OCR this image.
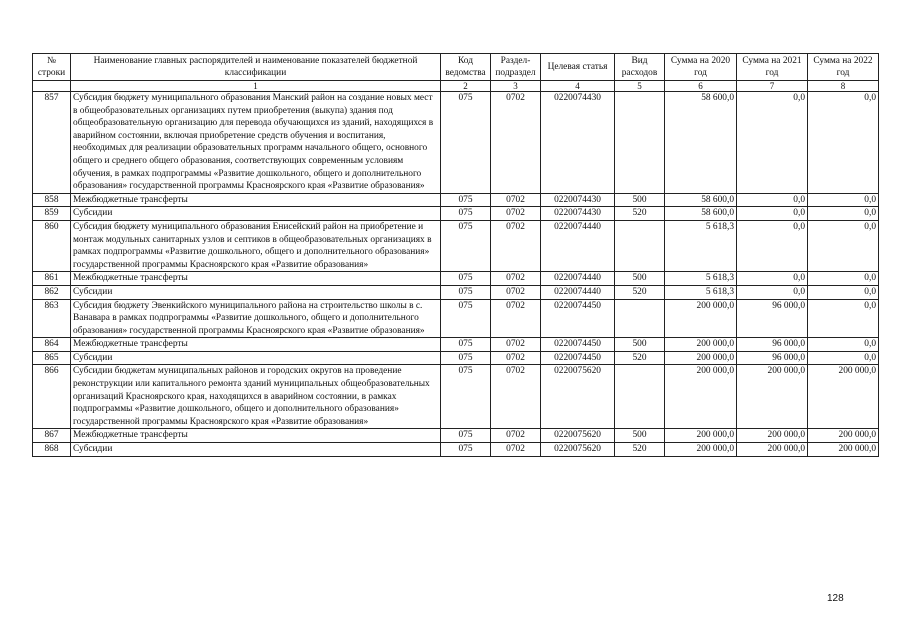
№ строки	Наименование главных распорядителей и наименование показателей бюджетной классификации	Код ведомства	Раздел-подраздел	Целевая статья	Вид расходов	Сумма на 2020 год	Сумма на 2021 год	Сумма на 2022 год
	1	2	3	4	5	6	7	8
857	Субсидия бюджету муниципального образования Манский район на создание новых мест в общеобразовательных организациях путем приобретения (выкупа) здания под общеобразовательную организацию для перевода обучающихся из зданий, находящихся в аварийном состоянии, включая приобретение средств обучения и воспитания, необходимых для реализации образовательных программ начального общего, основного общего и среднего общего образования, соответствующих современным условиям обучения, в рамках подпрограммы «Развитие дошкольного, общего и дополнительного образования» государственной программы Красноярского края «Развитие образования»	075	0702	0220074430		58 600,0	0,0	0,0
858	Межбюджетные трансферты	075	0702	0220074430	500	58 600,0	0,0	0,0
859	Субсидии	075	0702	0220074430	520	58 600,0	0,0	0,0
860	Субсидия бюджету муниципального образования Енисейский район на приобретение и монтаж модульных санитарных узлов и септиков в общеобразовательных организациях в рамках подпрограммы «Развитие дошкольного, общего и дополнительного образования» государственной программы Красноярского края «Развитие образования»	075	0702	0220074440		5 618,3	0,0	0,0
861	Межбюджетные трансферты	075	0702	0220074440	500	5 618,3	0,0	0,0
862	Субсидии	075	0702	0220074440	520	5 618,3	0,0	0,0
863	Субсидия бюджету Эвенкийского муниципального района на строительство школы в с. Ванавара в рамках подпрограммы «Развитие дошкольного, общего и дополнительного образования» государственной программы Красноярского края «Развитие образования»	075	0702	0220074450		200 000,0	96 000,0	0,0
864	Межбюджетные трансферты	075	0702	0220074450	500	200 000,0	96 000,0	0,0
865	Субсидии	075	0702	0220074450	520	200 000,0	96 000,0	0,0
866	Субсидии бюджетам муниципальных районов и городских округов на проведение реконструкции или капитального ремонта зданий муниципальных общеобразовательных организаций Красноярского края, находящихся в аварийном состоянии, в рамках подпрограммы «Развитие дошкольного, общего и дополнительного образования» государственной программы Красноярского края «Развитие образования»	075	0702	0220075620		200 000,0	200 000,0	200 000,0
867	Межбюджетные трансферты	075	0702	0220075620	500	200 000,0	200 000,0	200 000,0
868	Субсидии	075	0702	0220075620	520	200 000,0	200 000,0	200 000,0
128
